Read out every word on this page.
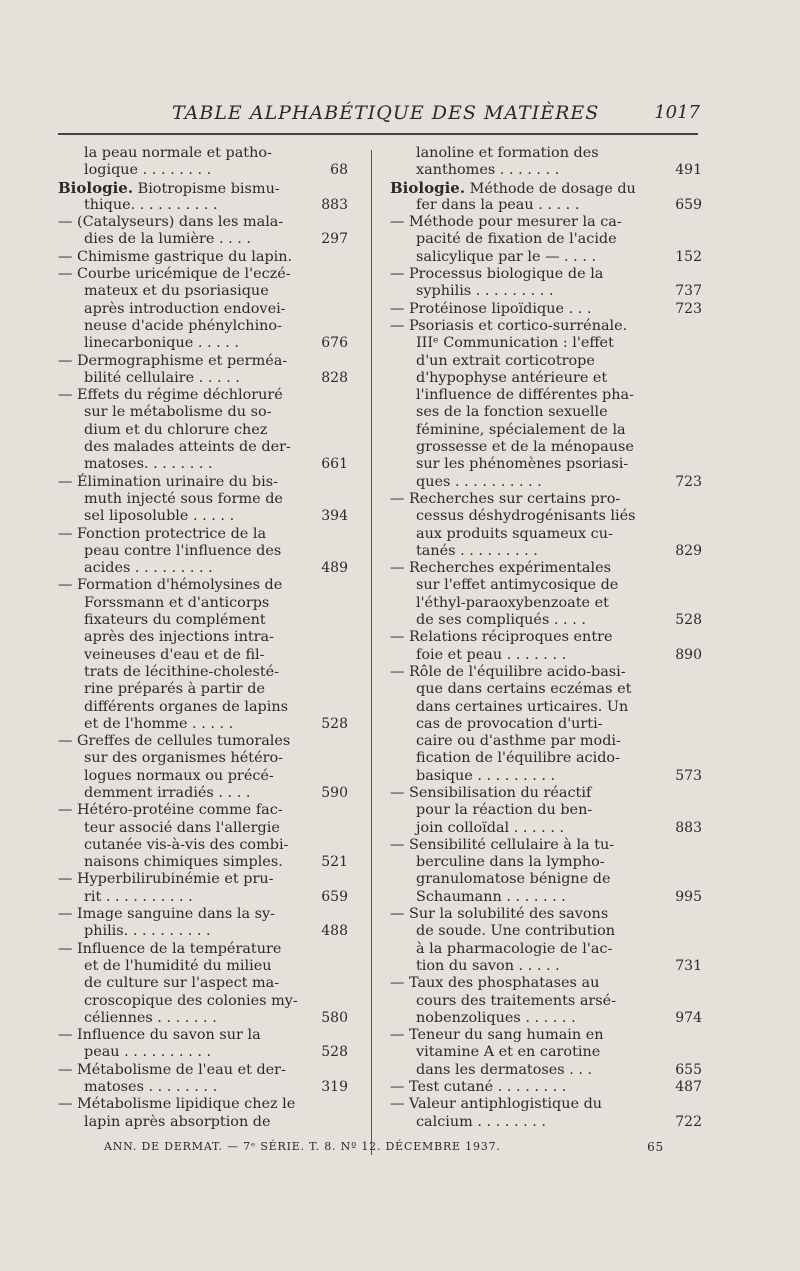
TABLE ALPHABÉTIQUE DES MATIÈRES	1017
la peau normale et patho-
logique . . . . . . . .	68
Biologie. Biotropisme bismu-
thique. . . . . . . . . .	883
— (Catalyseurs) dans les mala-
dies de la lumière . . . .	297
— Chimisme gastrique du lapin.
— Courbe uricémique de l'eczé-
mateux et du psoriasique
après introduction endovei-
neuse d'acide phénylchino-
linecarbonique . . . . .	676
— Dermographisme et perméa-
bilité cellulaire . . . . .	828
— Effets du régime déchloruré
sur le métabolisme du so-
dium et du chlorure chez
des malades atteints de der-
matoses. . . . . . . .	661
— Élimination urinaire du bis-
muth injecté sous forme de
sel liposoluble . . . . .	394
— Fonction protectrice de la
peau contre l'influence des
acides . . . . . . . . .	489
— Formation d'hémolysines de
Forssmann et d'anticorps
fixateurs du complément
après des injections intra-
veineuses d'eau et de fil-
trats de lécithine-cholesté-
rine préparés à partir de
différents organes de lapins
et de l'homme . . . . .	528
— Greffes de cellules tumorales
sur des organismes hétéro-
logues normaux ou précé-
demment irradiés . . . .	590
— Hétéro-protéine comme fac-
teur associé dans l'allergie
cutanée vis-à-vis des combi-
naisons chimiques simples.	521
— Hyperbilirubinémie et pru-
rit . . . . . . . . . .	659
— Image sanguine dans la sy-
philis. . . . . . . . . .	488
— Influence de la température
et de l'humidité du milieu
de culture sur l'aspect ma-
croscopique des colonies my-
céliennes . . . . . . .	580
— Influence du savon sur la
peau . . . . . . . . . .	528
— Métabolisme de l'eau et der-
matoses . . . . . . . .	319
— Métabolisme lipidique chez le
lapin après absorption de
lanoline et formation des
xanthomes . . . . . . .	491
Biologie. Méthode de dosage du
fer dans la peau . . . . .	659
— Méthode pour mesurer la ca-
pacité de fixation de l'acide
salicylique par le — . . . .	152
— Processus biologique de la
syphilis . . . . . . . . .	737
— Protéinose lipoïdique . . .	723
— Psoriasis et cortico-surrénale.
IIIᵉ Communication : l'effet
d'un extrait corticotrope
d'hypophyse antérieure et
l'influence de différentes pha-
ses de la fonction sexuelle
féminine, spécialement de la
grossesse et de la ménopause
sur les phénomènes psoriasi-
ques . . . . . . . . . .	723
— Recherches sur certains pro-
cessus déshydrogénisants liés
aux produits squameux cu-
tanés . . . . . . . . .	829
— Recherches expérimentales
sur l'effet antimycosique de
l'éthyl-paraoxybenzoate et
de ses compliqués . . . .	528
— Relations réciproques entre
foie et peau . . . . . . .	890
— Rôle de l'équilibre acido-basi-
que dans certains eczémas et
dans certaines urticaires. Un
cas de provocation d'urti-
caire ou d'asthme par modi-
fication de l'équilibre acido-
basique . . . . . . . . .	573
— Sensibilisation du réactif
pour la réaction du ben-
join colloïdal . . . . . .	883
— Sensibilité cellulaire à la tu-
berculine dans la lympho-
granulomatose bénigne de
Schaumann . . . . . . .	995
— Sur la solubilité des savons
de soude. Une contribution
à la pharmacologie de l'ac-
tion du savon . . . . .	731
— Taux des phosphatases au
cours des traitements arsé-
nobenzoliques . . . . . .	974
— Teneur du sang humain en
vitamine A et en carotine
dans les dermatoses . . .	655
— Test cutané . . . . . . . .	487
— Valeur antiphlogistique du
calcium . . . . . . . .	722
ANN. DE DERMAT. — 7ᵉ SÉRIE. T. 8. Nº 12. DÉCEMBRE 1937.	65
